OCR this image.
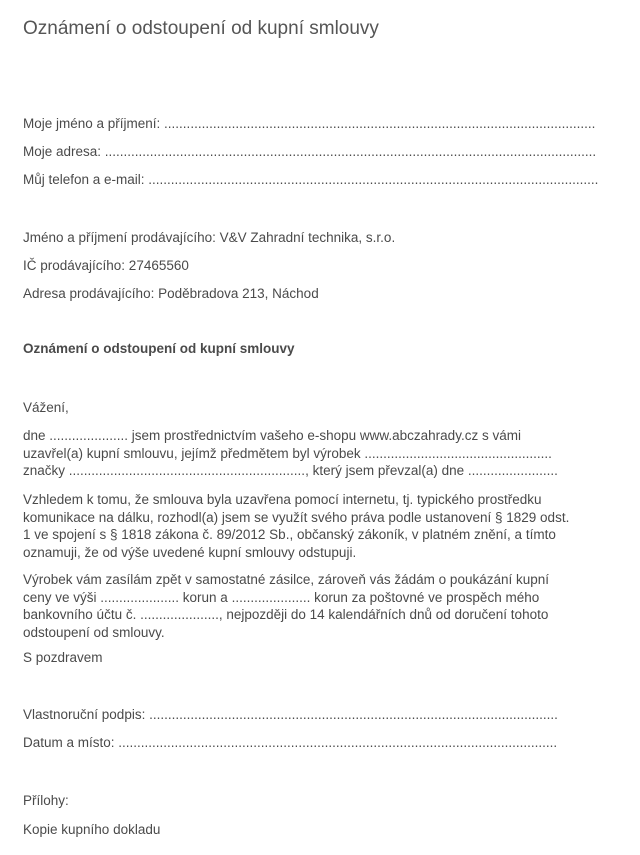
Oznámení o odstoupení od kupní smlouvy
Moje jméno a příjmení: ...................................................................................................................
Moje adresa: ...................................................................................................................................
Můj telefon a e-mail: ........................................................................................................................
Jméno a příjmení prodávajícího: V&V Zahradní technika, s.r.o.
IČ prodávajícího: 27465560
Adresa prodávajícího: Poděbradova 213, Náchod
Oznámení o odstoupení od kupní smlouvy
Vážení,
dne ..................... jsem prostřednictvím vašeho e-shopu www.abczahrady.cz s vámi
uzavřel(a) kupní smlouvu, jejímž předmětem byl výrobek ..................................................
značky ..............................................................., který jsem převzal(a) dne ........................
Vzhledem k tomu, že smlouva byla uzavřena pomocí internetu, tj. typického prostředku
komunikace na dálku, rozhodl(a) jsem se využít svého práva podle ustanovení § 1829 odst.
1 ve spojení s § 1818 zákona č. 89/2012 Sb., občanský zákoník, v platném znění, a tímto
oznamuji, že od výše uvedené kupní smlouvy odstupuji.
Výrobek vám zasílám zpět v samostatné zásilce, zároveň vás žádám o poukázání kupní
ceny ve výši ..................... korun a ..................... korun za poštovné ve prospěch mého
bankovního účtu č. ....................., nejpozději do 14 kalendářních dnů od doručení tohoto
odstoupení od smlouvy.
S pozdravem
Vlastnoruční podpis: .............................................................................................................
Datum a místo: .....................................................................................................................
Přílohy:
Kopie kupního dokladu
